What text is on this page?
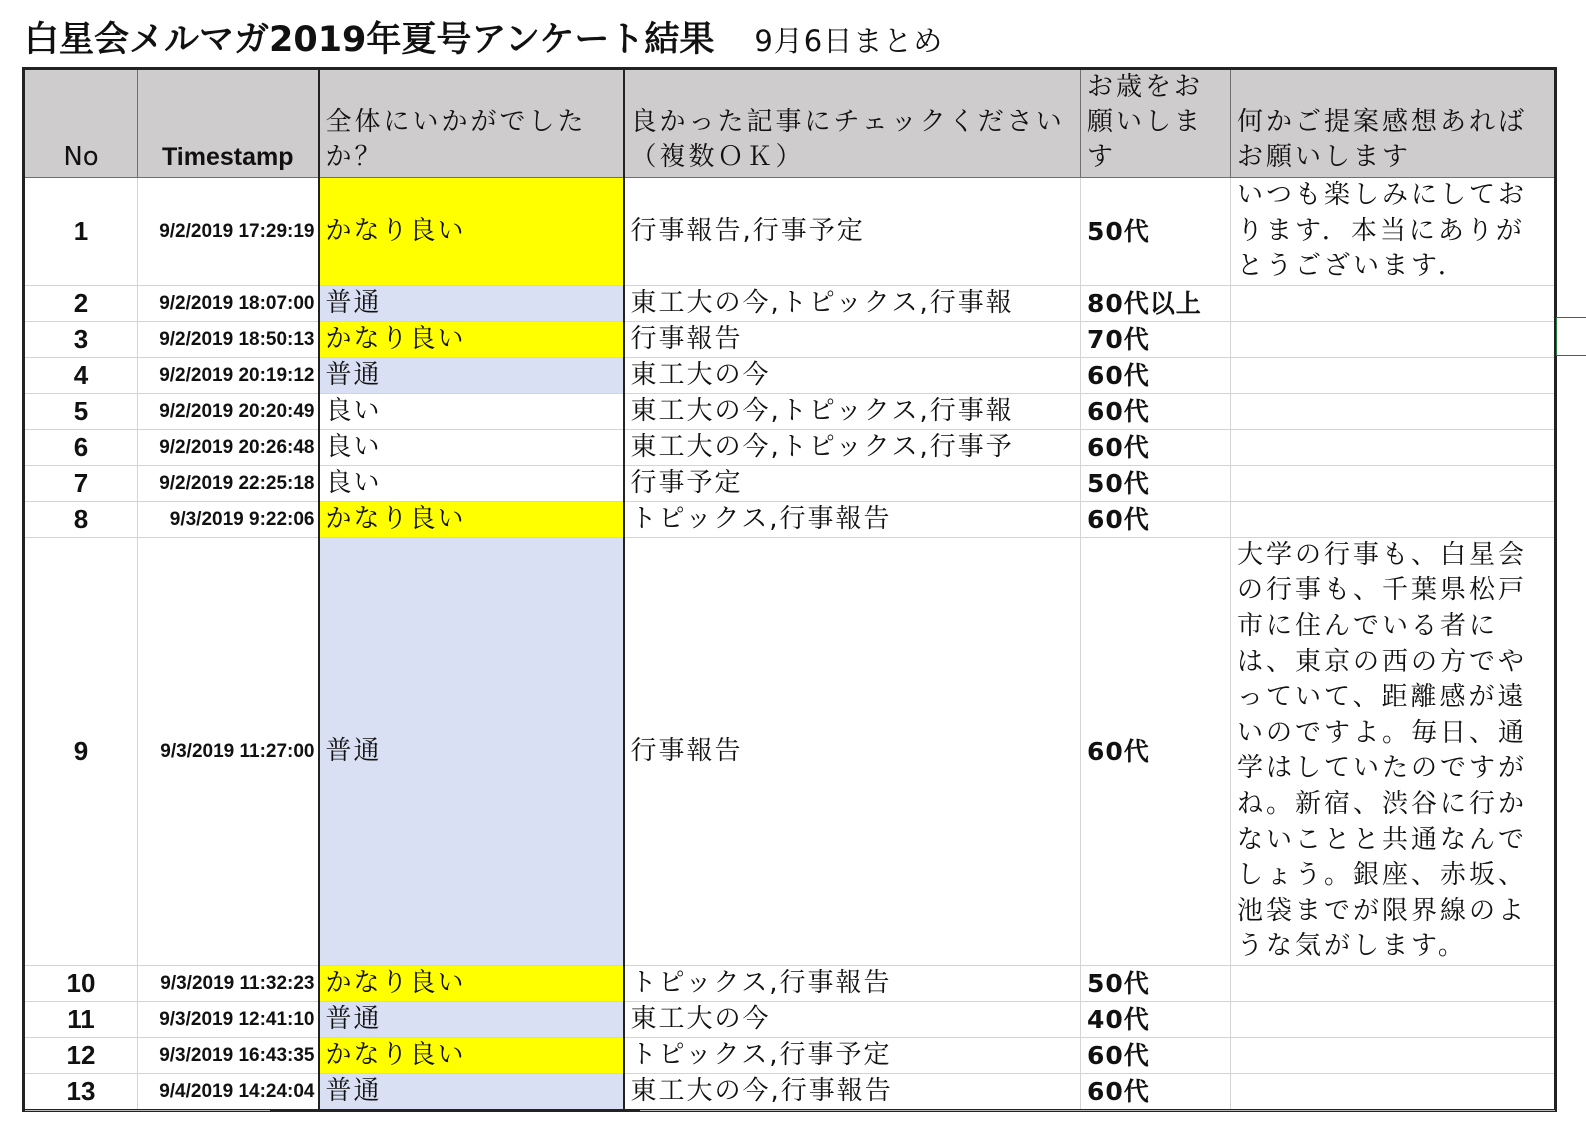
白星会メルマガ2019年夏号アンケート結果 9月6日まとめ
No	Timestamp	全体にいかがでしたか？	良かった記事にチェックください（複数ＯＫ）	お歳をお願いします	何かご提案感想あればお願いします
1	9/2/2019 17:29:19	かなり良い	行事報告,行事予定	50代	いつも楽しみにしております．本当にありがとうございます．
2	9/2/2019 18:07:00	普通	東工大の今,トピックス,行事報	80代以上	
3	9/2/2019 18:50:13	かなり良い	行事報告	70代	
4	9/2/2019 20:19:12	普通	東工大の今	60代	
5	9/2/2019 20:20:49	良い	東工大の今,トピックス,行事報	60代	
6	9/2/2019 20:26:48	良い	東工大の今,トピックス,行事予	60代	
7	9/2/2019 22:25:18	良い	行事予定	50代	
8	9/3/2019 9:22:06	かなり良い	トピックス,行事報告	60代	
9	9/3/2019 11:27:00	普通	行事報告	60代	大学の行事も、白星会の行事も、千葉県松戸市に住んでいる者には、東京の西の方でやっていて、距離感が遠いのですよ。毎日、通学はしていたのですがね。新宿、渋谷に行かないことと共通なんでしょう。銀座、赤坂、池袋までが限界線のような気がします。
10	9/3/2019 11:32:23	かなり良い	トピックス,行事報告	50代	
11	9/3/2019 12:41:10	普通	東工大の今	40代	
12	9/3/2019 16:43:35	かなり良い	トピックス,行事予定	60代	
13	9/4/2019 14:24:04	普通	東工大の今,行事報告	60代	
